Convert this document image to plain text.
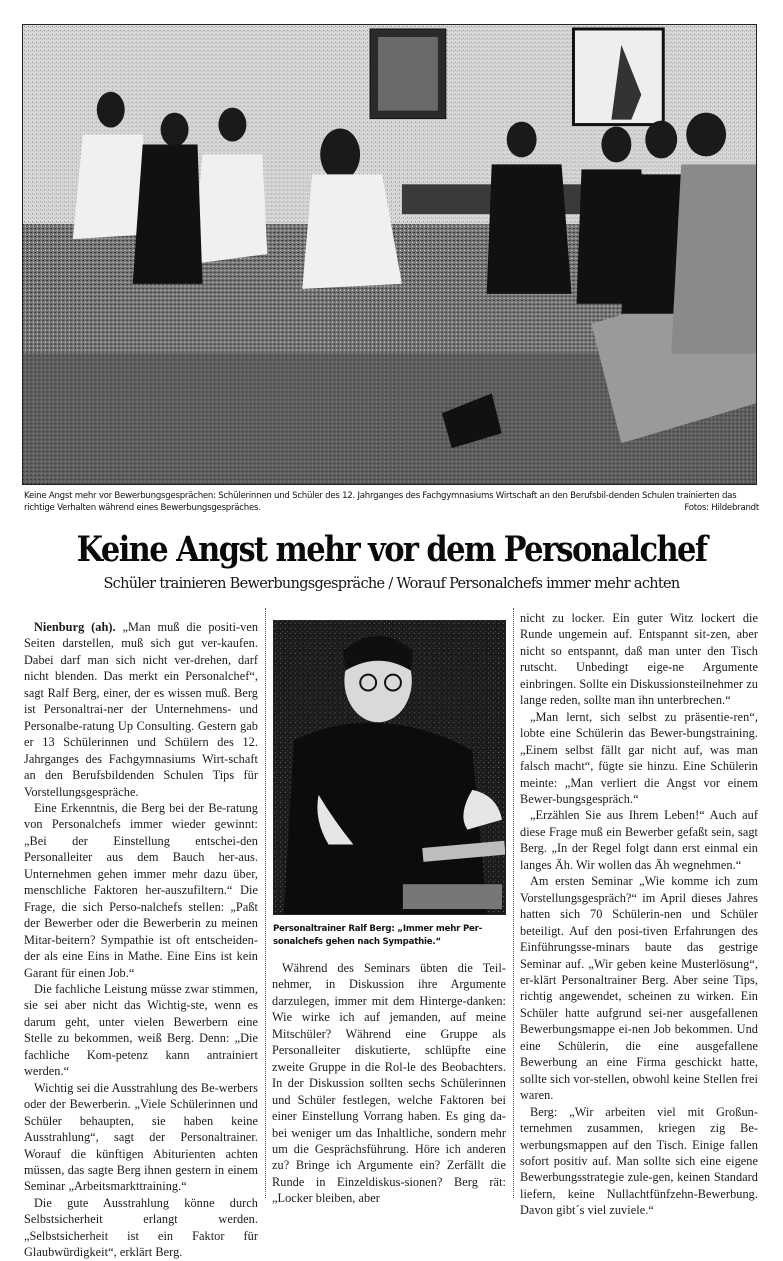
Keine Angst mehr vor Bewerbungsgesprächen: Schülerinnen und Schüler des 12. Jahrganges des Fachgymnasiums Wirtschaft an den Berufsbil-denden Schulen trainierten das richtige Verhalten während eines Bewerbungsgespräches.	Fotos: Hildebrandt
Keine Angst mehr vor dem Personalchef
Schüler trainieren Bewerbungsgespräche / Worauf Personalchefs immer mehr achten

Nienburg (ah). „Man muß die positi-ven Seiten darstellen, muß sich gut ver-kaufen. Dabei darf man sich nicht ver-drehen, darf nicht blenden. Das merkt ein Personalchef“, sagt Ralf Berg, einer, der es wissen muß. Berg ist Personaltrai-ner der Unternehmens- und Personalbe-ratung Up Consulting. Gestern gab er 13 Schülerinnen und Schülern des 12. Jahrganges des Fachgymnasiums Wirt-schaft an den Berufsbildenden Schulen Tips für Vorstellungsgespräche.

Eine Erkenntnis, die Berg bei der Be-ratung von Personalchefs immer wieder gewinnt: „Bei der Einstellung entschei-den Personalleiter aus dem Bauch her-aus. Unternehmen gehen immer mehr dazu über, menschliche Faktoren her-auszufiltern.“ Die Frage, die sich Perso-nalchefs stellen: „Paßt der Bewerber oder die Bewerberin zu meinen Mitar-beitern? Sympathie ist oft entscheiden-der als eine Eins in Mathe. Eine Eins ist kein Garant für einen Job.“

Die fachliche Leistung müsse zwar stimmen, sie sei aber nicht das Wichtig-ste, wenn es darum geht, unter vielen Bewerbern eine Stelle zu bekommen, weiß Berg. Denn: „Die fachliche Kom-petenz kann antrainiert werden.“

Wichtig sei die Ausstrahlung des Be-werbers oder der Bewerberin. „Viele Schülerinnen und Schüler behaupten, sie haben keine Ausstrahlung“, sagt der Personaltrainer. Worauf die künftigen Abiturienten achten müssen, das sagte Berg ihnen gestern in einem Seminar „Arbeitsmarkttraining.“

Die gute Ausstrahlung könne durch Selbstsicherheit erlangt werden. „Selbstsicherheit ist ein Faktor für Glaubwürdigkeit“, erklärt Berg.

Personaltrainer Ralf Berg: „Immer mehr Per-sonalchefs gehen nach Sympathie.“

Während des Seminars übten die Teil-nehmer, in Diskussion ihre Argumente darzulegen, immer mit dem Hinterge-danken: Wie wirke ich auf jemanden, auf meine Mitschüler? Während eine Gruppe als Personalleiter diskutierte, schlüpfte eine zweite Gruppe in die Rol-le des Beobachters. In der Diskussion sollten sechs Schülerinnen und Schüler festlegen, welche Faktoren bei einer Einstellung Vorrang haben. Es ging da-bei weniger um das Inhaltliche, sondern mehr um die Gesprächsführung. Höre ich anderen zu? Bringe ich Argumente ein? Zerfällt die Runde in Einzeldiskus-sionen? Berg rät: „Locker bleiben, aber

nicht zu locker. Ein guter Witz lockert die Runde ungemein auf. Entspannt sit-zen, aber nicht so entspannt, daß man unter den Tisch rutscht. Unbedingt eige-ne Argumente einbringen. Sollte ein Diskussionsteilnehmer zu lange reden, sollte man ihn unterbrechen.“

„Man lernt, sich selbst zu präsentie-ren“, lobte eine Schülerin das Bewer-bungstraining. „Einem selbst fällt gar nicht auf, was man falsch macht“, fügte sie hinzu. Eine Schülerin meinte: „Man verliert die Angst vor einem Bewer-bungsgespräch.“

„Erzählen Sie aus Ihrem Leben!“ Auch auf diese Frage muß ein Bewerber gefaßt sein, sagt Berg. „In der Regel folgt dann erst einmal ein langes Äh. Wir wollen das Äh wegnehmen.“

Am ersten Seminar „Wie komme ich zum Vorstellungsgespräch?“ im April dieses Jahres hatten sich 70 Schülerin-nen und Schüler beteiligt. Auf den posi-tiven Erfahrungen des Einführungsse-minars baute das gestrige Seminar auf. „Wir geben keine Musterlösung“, er-klärt Personaltrainer Berg. Aber seine Tips, richtig angewendet, scheinen zu wirken. Ein Schüler hatte aufgrund sei-ner ausgefallenen Bewerbungsmappe ei-nen Job bekommen. Und eine Schülerin, die eine ausgefallene Bewerbung an eine Firma geschickt hatte, sollte sich vor-stellen, obwohl keine Stellen frei waren.

Berg: „Wir arbeiten viel mit Großun-ternehmen zusammen, kriegen zig Be-werbungsmappen auf den Tisch. Einige fallen sofort positiv auf. Man sollte sich eine eigene Bewerbungsstrategie zule-gen, keinen Standard liefern, keine Nullachtfünfzehn-Bewerbung. Davon gibt´s viel zuviele.“
